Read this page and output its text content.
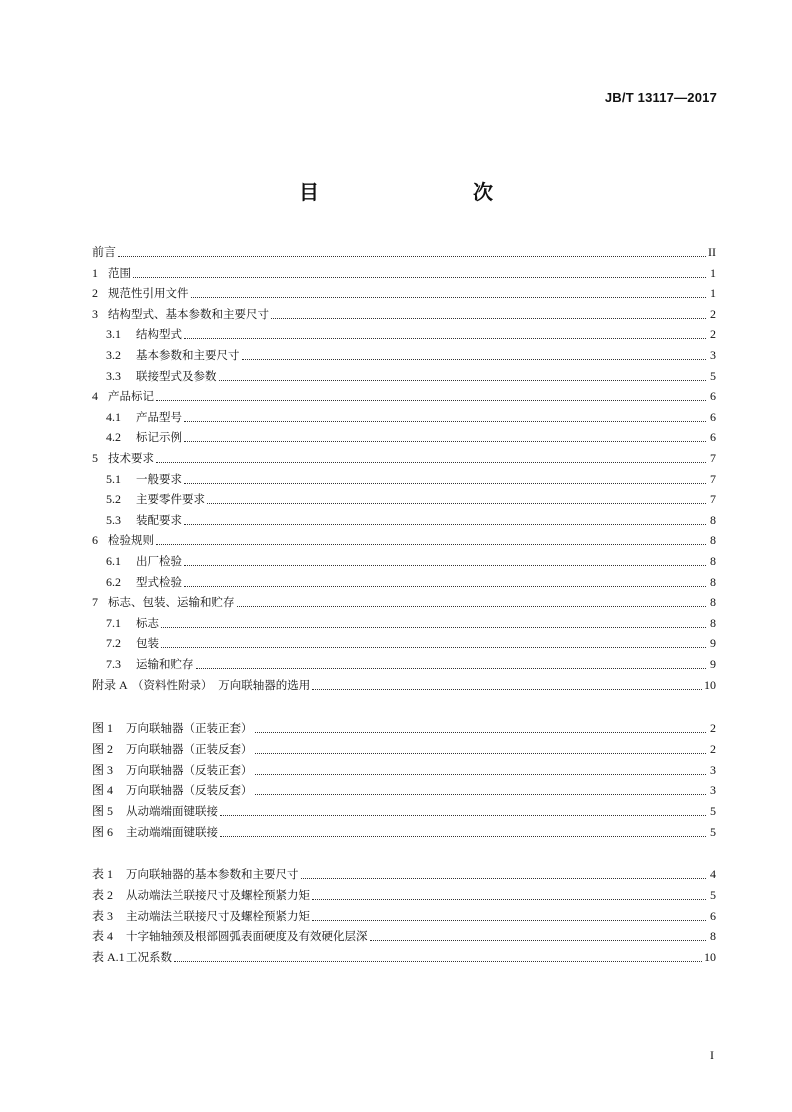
JB/T 13117—2017
目　　次
前言	II
1 范围	1
2 规范性引用文件	1
3 结构型式、基本参数和主要尺寸	2
3.1	结构型式	2
3.2	基本参数和主要尺寸	3
3.3	联接型式及参数	5
4 产品标记	6
4.1	产品型号	6
4.2	标记示例	6
5 技术要求	7
5.1	一般要求	7
5.2	主要零件要求	7
5.3	装配要求	8
6 检验规则	8
6.1	出厂检验	8
6.2	型式检验	8
7 标志、包装、运输和贮存	8
7.1	标志	8
7.2	包装	9
7.3	运输和贮存	9
附录 A （资料性附录）　万向联轴器的选用	10
图 1	万向联轴器（正装正套）	2
图 2	万向联轴器（正装反套）	2
图 3	万向联轴器（反装正套）	3
图 4	万向联轴器（反装反套）	3
图 5	从动端端面键联接	5
图 6	主动端端面键联接	5
表 1	万向联轴器的基本参数和主要尺寸	4
表 2	从动端法兰联接尺寸及螺栓预紧力矩	5
表 3	主动端法兰联接尺寸及螺栓预紧力矩	6
表 4	十字轴轴颈及根部圆弧表面硬度及有效硬化层深	8
表 A.1 工况系数	10
I
